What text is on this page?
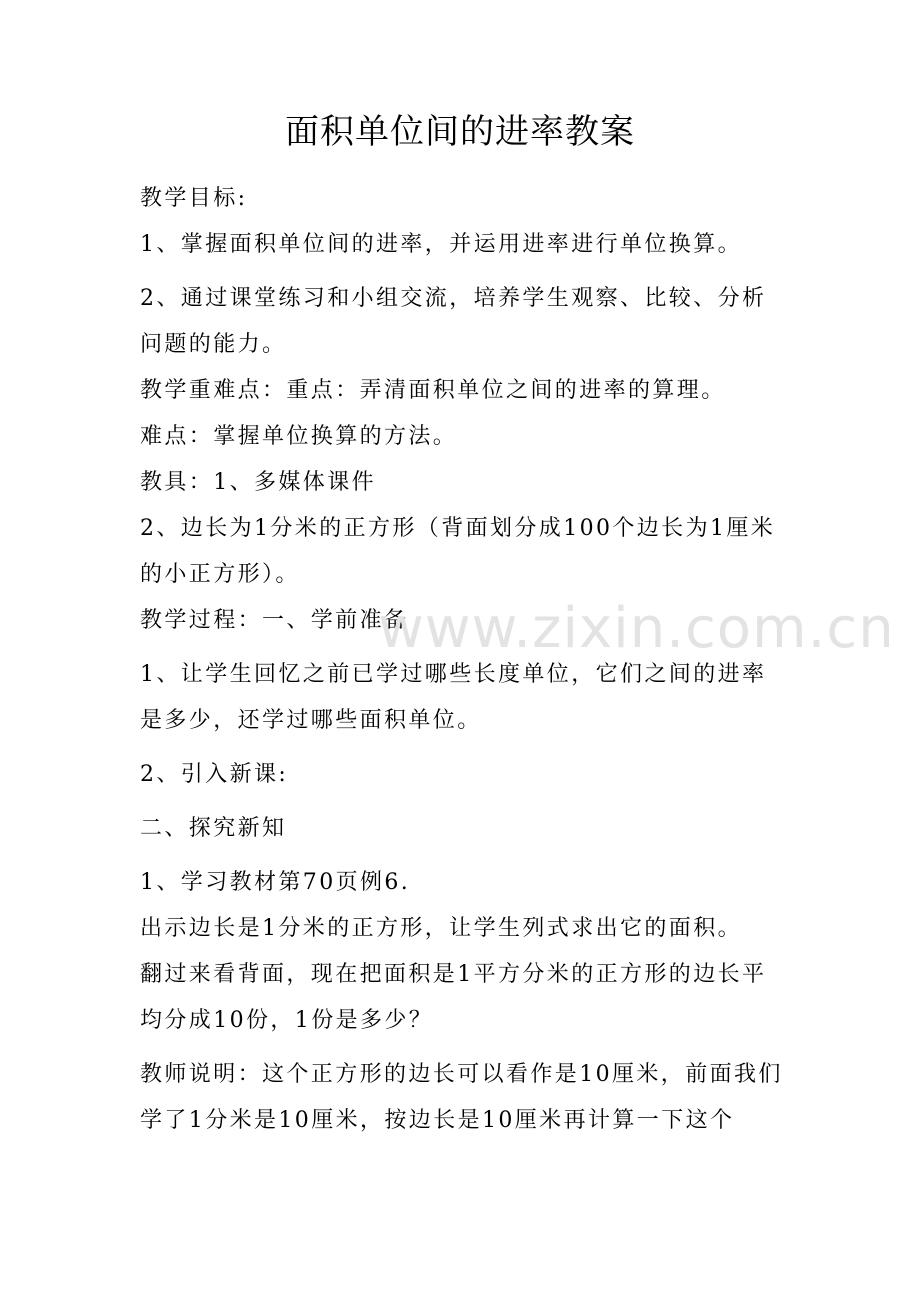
面积单位间的进率教案

教学目标:

1、掌握面积单位间的进率，并运用进率进行单位换算。

2、通过课堂练习和小组交流，培养学生观察、比较、分析问题的能力。

教学重难点：重点：弄清面积单位之间的进率的算理。

难点：掌握单位换算的方法。

教具：1、多媒体课件

2、边长为1分米的正方形（背面划分成100个边长为1厘米的小正方形）。

教学过程：一、学前准备

1、让学生回忆之前已学过哪些长度单位，它们之间的进率是多少，还学过哪些面积单位。

2、引入新课:

二、探究新知

1、学习教材第70页例6.

出示边长是1分米的正方形，让学生列式求出它的面积。

翻过来看背面，现在把面积是1平方分米的正方形的边长平均分成10份，1份是多少？

教师说明：这个正方形的边长可以看作是10厘米，前面我们学了1分米是10厘米，按边长是10厘米再计算一下这个

www.zixin.com.cn
